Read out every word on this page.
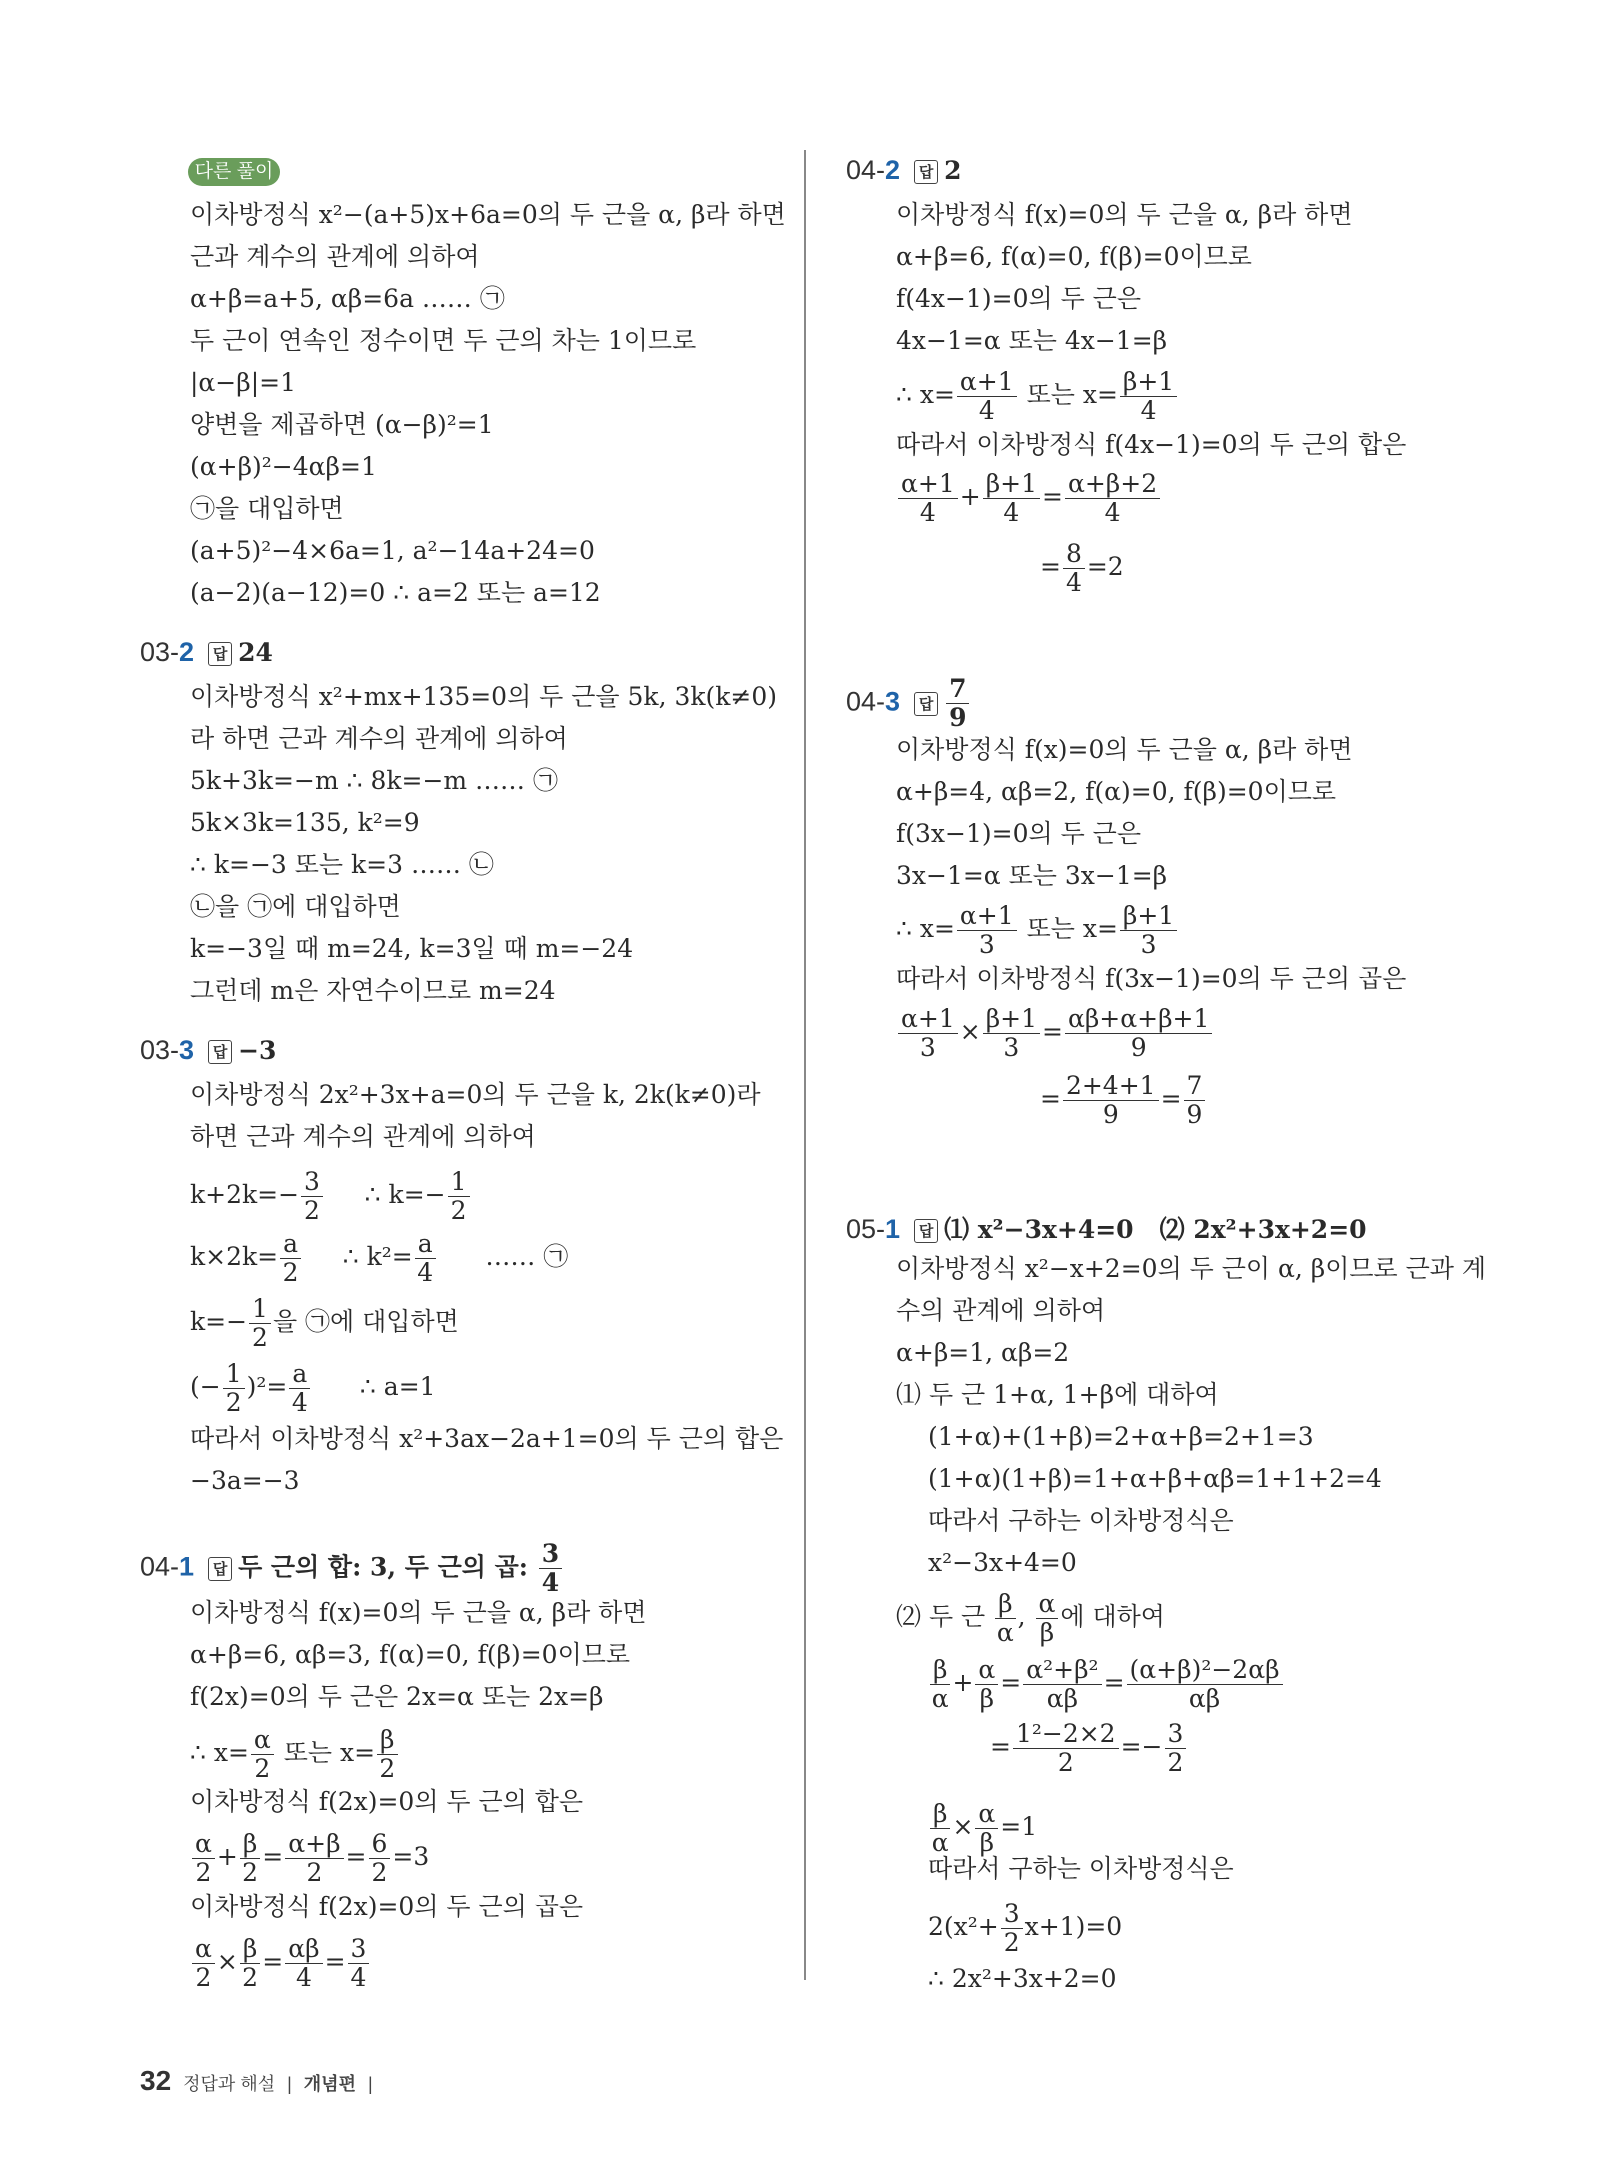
다른 풀이
이차방정식 x²−(a+5)x+6a=0의 두 근을 α, β라 하면
근과 계수의 관계에 의하여
α+β=a+5, αβ=6a …… ㉠
두 근이 연속인 정수이면 두 근의 차는 1이므로
|α−β|=1
양변을 제곱하면 (α−β)²=1
(α+β)²−4αβ=1
㉠을 대입하면
(a+5)²−4×6a=1, a²−14a+24=0
(a−2)(a−12)=0 ∴ a=2 또는 a=12
03-2 답 24
이차방정식 x²+mx+135=0의 두 근을 5k, 3k(k≠0)
라 하면 근과 계수의 관계에 의하여
5k+3k=−m ∴ 8k=−m …… ㉠
5k×3k=135, k²=9
∴ k=−3 또는 k=3 …… ㉡
㉡을 ㉠에 대입하면
k=−3일 때 m=24, k=3일 때 m=−24
그런데 m은 자연수이므로 m=24
03-3 답 −3
이차방정식 2x²+3x+a=0의 두 근을 k, 2k(k≠0)라
하면 근과 계수의 관계에 의하여
$k+2k=- \frac{3}{2}$ ∴ $k=- \frac{1}{2}$
$k\times 2k= \frac{a}{2}$ ∴ $k^2= \frac{a}{4}$ …… ㉠
$k=- \frac{1}{2}$ 을 ㉠에 대입하면
(− $\frac{1}{2} )^2= \frac{a}{4}$ ∴ a=1
따라서 이차방정식 x²+3ax−2a+1=0의 두 근의 합은
−3a=−3
04-1 답 두 근의 합: 3, 두 근의 곱: $\frac{3}{4}$
이차방정식 f(x)=0의 두 근을 α, β라 하면
α+β=6, αβ=3, f(α)=0, f(β)=0이므로
f(2x)=0의 두 근은 2x=α 또는 2x=β
∴ $x= \frac{\alpha}{2}$ 또는 $x= \frac{\beta}{2}$
이차방정식 f(2x)=0의 두 근의 합은
$\frac{\alpha}{2} + \frac{\beta}{2} = \frac{\alpha+\beta}{2} = \frac{6}{2} =3$
이차방정식 f(2x)=0의 두 근의 곱은
$\frac{\alpha}{2} \times \frac{\beta}{2} = \frac{\alpha\beta}{4} = \frac{3}{4}$
04-2 답 2
이차방정식 f(x)=0의 두 근을 α, β라 하면
α+β=6, f(α)=0, f(β)=0이므로
f(4x−1)=0의 두 근은
4x−1=α 또는 4x−1=β
∴ $x= \frac{\alpha+1}{4}$ 또는 $x= \frac{\beta+1}{4}$
따라서 이차방정식 f(4x−1)=0의 두 근의 합은
$\frac{\alpha+1}{4} + \frac{\beta+1}{4} = \frac{\alpha+\beta+2}{4}$
= $\frac{8}{4} =2$
04-3 답 $\frac{7}{9}$
이차방정식 f(x)=0의 두 근을 α, β라 하면
α+β=4, αβ=2, f(α)=0, f(β)=0이므로
f(3x−1)=0의 두 근은
3x−1=α 또는 3x−1=β
∴ $x= \frac{\alpha+1}{3}$ 또는 $x= \frac{\beta+1}{3}$
따라서 이차방정식 f(3x−1)=0의 두 근의 곱은
$\frac{\alpha+1}{3} \times \frac{\beta+1}{3} = \frac{\alpha\beta+\alpha+\beta+1}{9}$
= $\frac{2+4+1}{9} = \frac{7}{9}$
05-1 답 ⑴ x²−3x+4=0   ⑵ 2x²+3x+2=0
이차방정식 x²−x+2=0의 두 근이 α, β이므로 근과 계
수의 관계에 의하여
α+β=1, αβ=2
⑴ 두 근 1+α, 1+β에 대하여
(1+α)+(1+β)=2+α+β=2+1=3
(1+α)(1+β)=1+α+β+αβ=1+1+2=4
따라서 구하는 이차방정식은
x²−3x+4=0
⑵ 두 근 $\frac{\beta}{\alpha}$ , $\frac{\alpha}{\beta}$ 에 대하여
$\frac{\beta}{\alpha} + \frac{\alpha}{\beta} = \frac{\text{α²+β²}}{\alpha\beta} = \frac{\text{(α+β)²−2αβ}}{\alpha\beta}$
= $\frac{\text{1²−2×2}}{2} =- \frac{3}{2}$
$\frac{\beta}{\alpha} \times \frac{\alpha}{\beta} =1$
따라서 구하는 이차방정식은
$2(x^2+ \frac{3}{2} x+1)=0$
∴ 2x²+3x+2=0
32 정답과 해설 | 개념편 |
